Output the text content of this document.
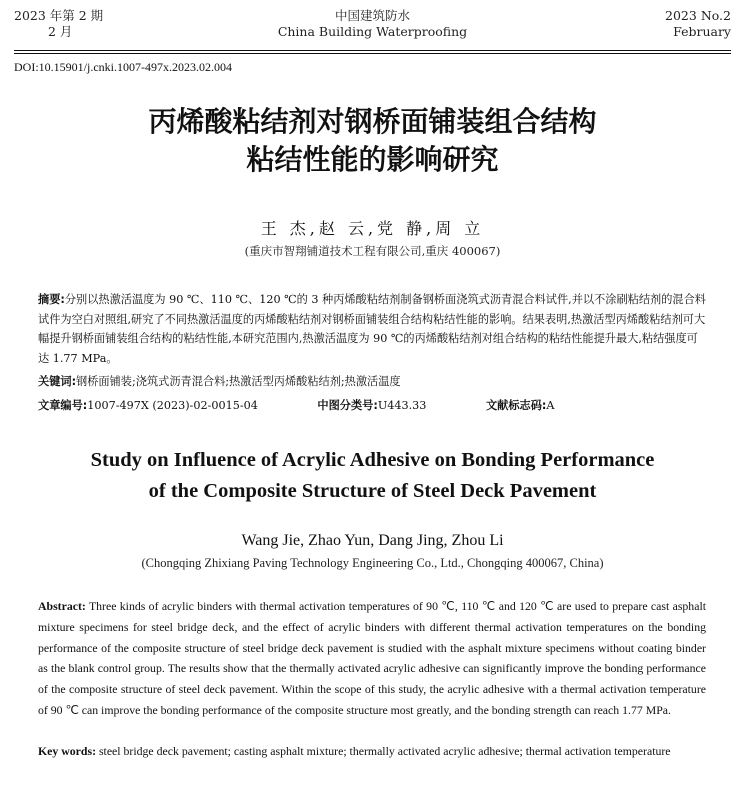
2023 年第 2 期
2 月
中国建筑防水
China Building Waterproofing
2023 No.2
February
DOI:10.15901/j.cnki.1007-497x.2023.02.004
丙烯酸粘结剂对钢桥面铺装组合结构
粘结性能的影响研究
王 杰,赵 云,党 静,周 立
(重庆市智翔铺道技术工程有限公司,重庆 400067)
摘要:分别以热激活温度为 90 ℃、110 ℃、120 ℃的 3 种丙烯酸粘结剂制备钢桥面浇筑式沥青混合料试件,并以不涂刷粘结剂的混合料试件为空白对照组,研究了不同热激活温度的丙烯酸粘结剂对钢桥面铺装组合结构粘结性能的影响。结果表明,热激活型丙烯酸粘结剂可大幅提升钢桥面铺装组合结构的粘结性能,本研究范围内,热激活温度为 90 ℃的丙烯酸粘结剂对组合结构的粘结性能提升最大,粘结强度可达 1.77 MPa。
关键词:钢桥面铺装;浇筑式沥青混合料;热激活型丙烯酸粘结剂;热激活温度
文章编号:1007-497X (2023)-02-0015-04	中图分类号:U443.33	文献标志码:A
Study on Influence of Acrylic Adhesive on Bonding Performance
of the Composite Structure of Steel Deck Pavement
Wang Jie, Zhao Yun, Dang Jing, Zhou Li
(Chongqing Zhixiang Paving Technology Engineering Co., Ltd., Chongqing 400067, China)
Abstract: Three kinds of acrylic binders with thermal activation temperatures of 90 ℃, 110 ℃ and 120 ℃ are used to prepare cast asphalt mixture specimens for steel bridge deck, and the effect of acrylic binders with different thermal activation temperatures on the bonding performance of the composite structure of steel bridge deck pavement is studied with the asphalt mixture specimens without coating binder as the blank control group. The results show that the thermally activated acrylic adhesive can significantly improve the bonding performance of the composite structure of steel deck pavement. Within the scope of this study, the acrylic adhesive with a thermal activation temperature of 90 ℃ can improve the bonding performance of the composite structure most greatly, and the bonding strength can reach 1.77 MPa.
Key words: steel bridge deck pavement; casting asphalt mixture; thermally activated acrylic adhesive; thermal activation temperature
